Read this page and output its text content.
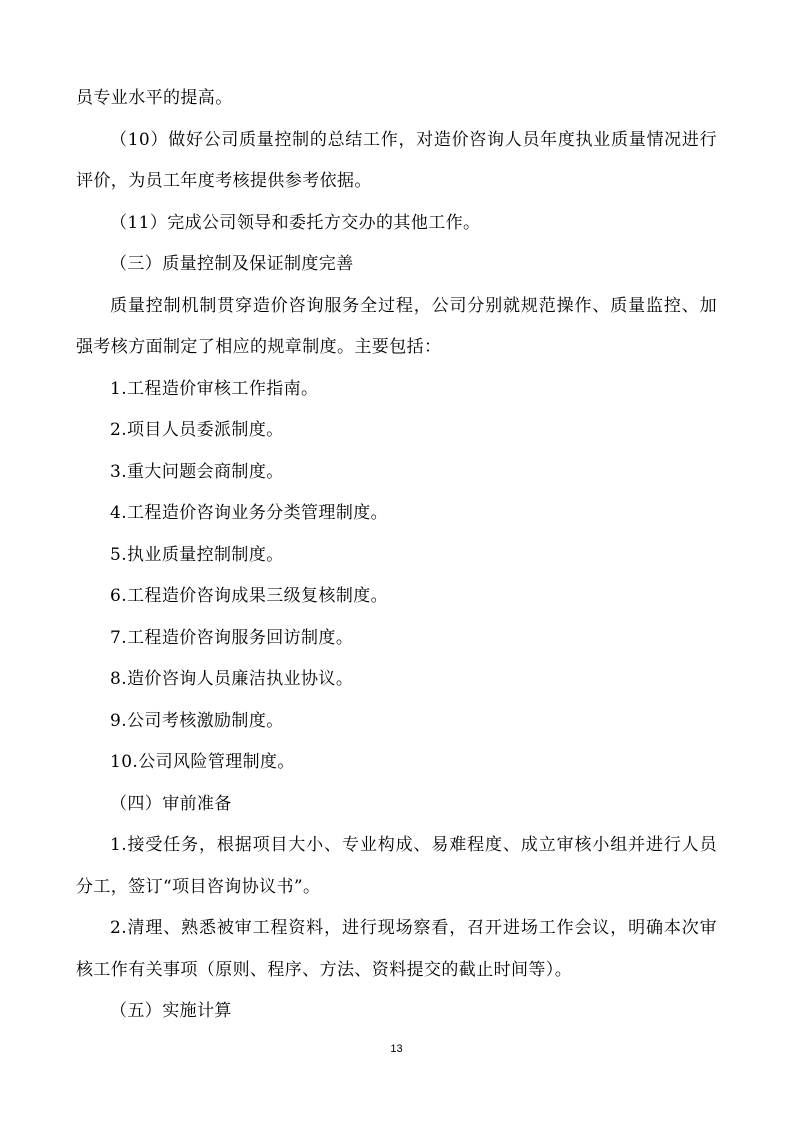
员专业水平的提高。

（10）做好公司质量控制的总结工作，对造价咨询人员年度执业质量情况进行评价，为员工年度考核提供参考依据。

（11）完成公司领导和委托方交办的其他工作。

（三）质量控制及保证制度完善

质量控制机制贯穿造价咨询服务全过程，公司分别就规范操作、质量监控、加强考核方面制定了相应的规章制度。主要包括：

1.工程造价审核工作指南。

2.项目人员委派制度。

3.重大问题会商制度。

4.工程造价咨询业务分类管理制度。

5.执业质量控制制度。

6.工程造价咨询成果三级复核制度。

7.工程造价咨询服务回访制度。

8.造价咨询人员廉洁执业协议。

9.公司考核激励制度。

10.公司风险管理制度。

（四）审前准备

1.接受任务，根据项目大小、专业构成、易难程度、成立审核小组并进行人员分工，签订“项目咨询协议书”。

2.清理、熟悉被审工程资料，进行现场察看，召开进场工作会议，明确本次审核工作有关事项（原则、程序、方法、资料提交的截止时间等）。

（五）实施计算

13
